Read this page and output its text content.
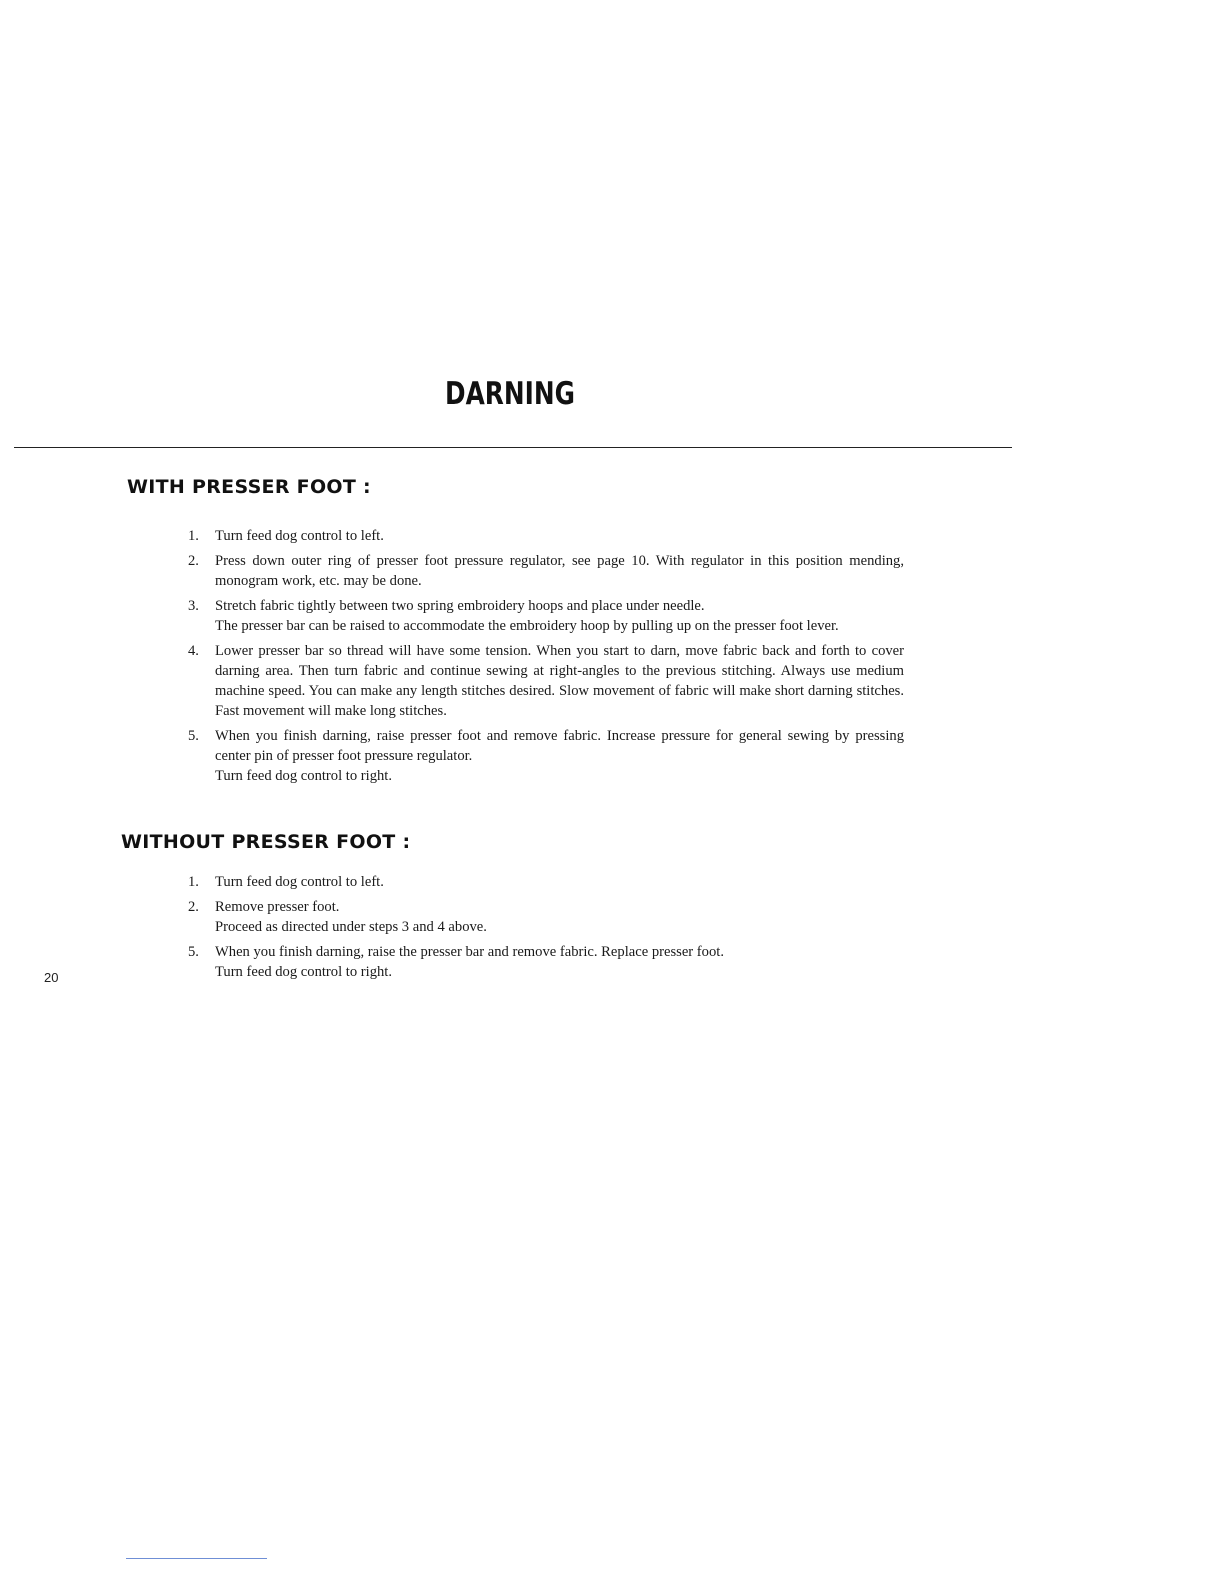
DARNING
WITH PRESSER FOOT :
1. Turn feed dog control to left.
2. Press down outer ring of presser foot pressure regulator, see page 10. With regulator in this position mending, monogram work, etc. may be done.
3. Stretch fabric tightly between two spring embroidery hoops and place under needle.
The presser bar can be raised to accommodate the embroidery hoop by pulling up on the presser foot lever.
4. Lower presser bar so thread will have some tension. When you start to darn, move fabric back and forth to cover darning area. Then turn fabric and continue sewing at right-angles to the previous stitching. Always use medium machine speed. You can make any length stitches desired. Slow movement of fabric will make short darning stitches. Fast movement will make long stitches.
5. When you finish darning, raise presser foot and remove fabric. Increase pressure for general sewing by pressing center pin of presser foot pressure regulator.
Turn feed dog control to right.
WITHOUT PRESSER FOOT :
1. Turn feed dog control to left.
2. Remove presser foot.
Proceed as directed under steps 3 and 4 above.
5. When you finish darning, raise the presser bar and remove fabric. Replace presser foot.
Turn feed dog control to right.
20
